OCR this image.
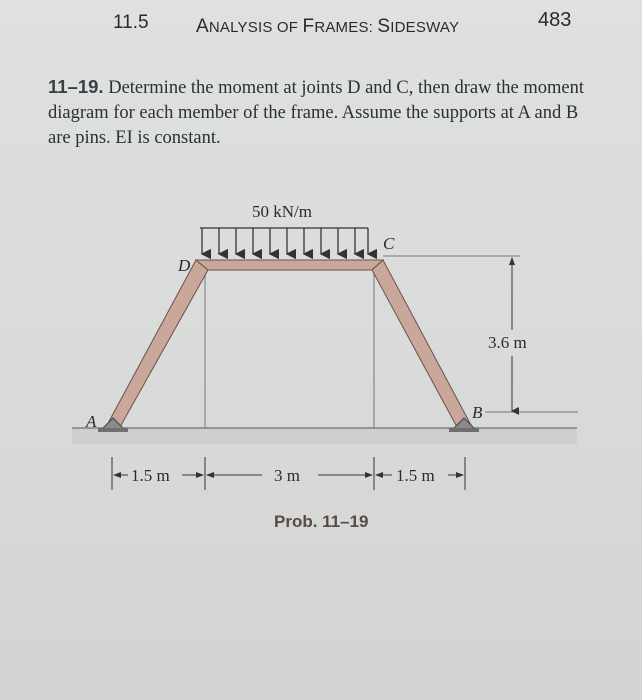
11.5 ANALYSIS OF FRAMES: SIDESWAY	483
11–19. Determine the moment at joints D and C, then draw the moment diagram for each member of the frame. Assume the supports at A and B are pins. EI is constant.
50 kN/m
D
C
A	B
3.6 m
1.5 m	3 m	1.5 m
Prob. 11–19
